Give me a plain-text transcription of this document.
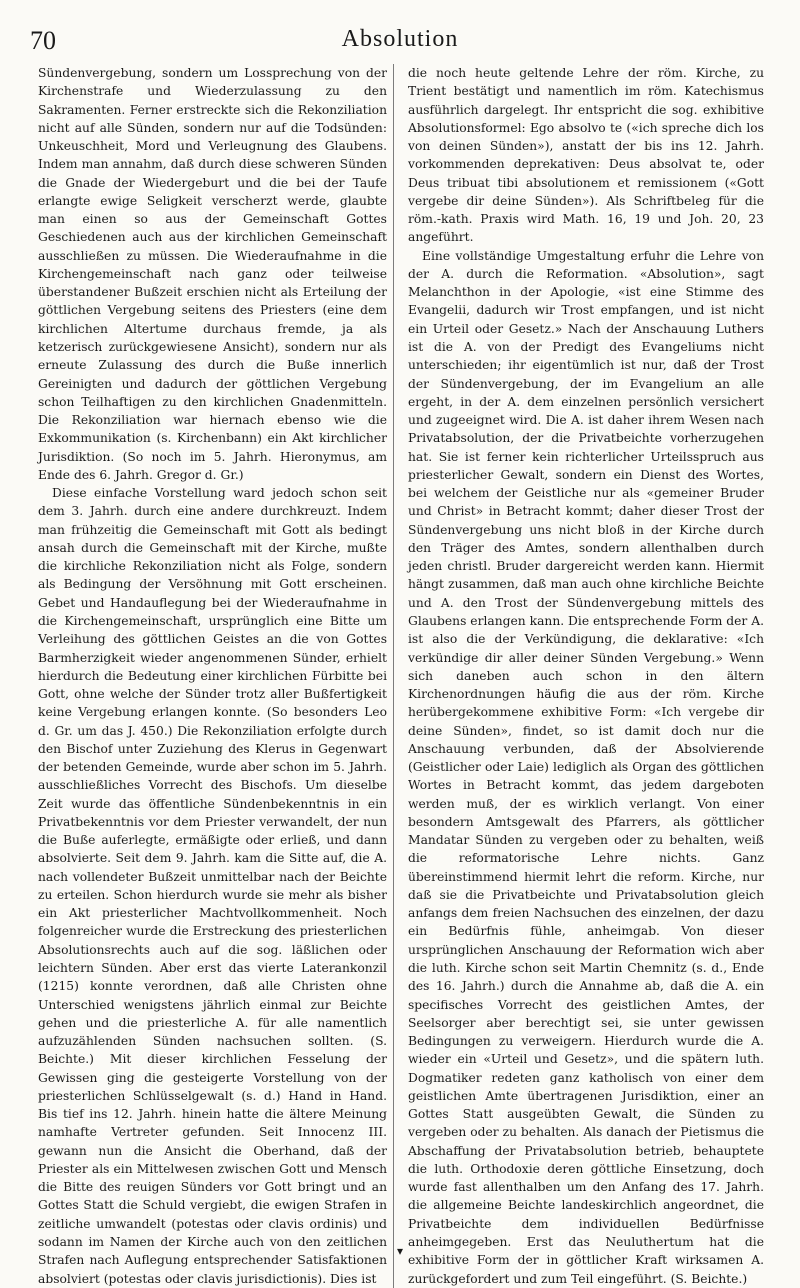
70	Absolution

Sündenvergebung, sondern um Lossprechung von der Kirchenstrafe und Wiederzulassung zu den Sakramenten. Ferner erstreckte sich die Rekonziliation nicht auf alle Sünden, sondern nur auf die Todsünden: Unkeuschheit, Mord und Verleugnung des Glaubens. Indem man annahm, daß durch diese schweren Sünden die Gnade der Wiedergeburt und die bei der Taufe erlangte ewige Seligkeit verscherzt werde, glaubte man einen so aus der Gemeinschaft Gottes Geschiedenen auch aus der kirchlichen Gemeinschaft ausschließen zu müssen. Die Wiederaufnahme in die Kirchengemeinschaft nach ganz oder teilweise überstandener Bußzeit erschien nicht als Erteilung der göttlichen Vergebung seitens des Priesters (eine dem kirchlichen Altertume durchaus fremde, ja als ketzerisch zurückgewiesene Ansicht), sondern nur als erneute Zulassung des durch die Buße innerlich Gereinigten und dadurch der göttlichen Vergebung schon Teilhaftigen zu den kirchlichen Gnadenmitteln. Die Rekonziliation war hiernach ebenso wie die Exkommunikation (s. Kirchenbann) ein Akt kirchlicher Jurisdiktion. (So noch im 5. Jahrh. Hieronymus, am Ende des 6. Jahrh. Gregor d. Gr.)

Diese einfache Vorstellung ward jedoch schon seit dem 3. Jahrh. durch eine andere durchkreuzt. Indem man frühzeitig die Gemeinschaft mit Gott als bedingt ansah durch die Gemeinschaft mit der Kirche, mußte die kirchliche Rekonziliation nicht als Folge, sondern als Bedingung der Versöhnung mit Gott erscheinen. Gebet und Handauflegung bei der Wiederaufnahme in die Kirchengemeinschaft, ursprünglich eine Bitte um Verleihung des göttlichen Geistes an die von Gottes Barmherzigkeit wieder angenommenen Sünder, erhielt hierdurch die Bedeutung einer kirchlichen Fürbitte bei Gott, ohne welche der Sünder trotz aller Bußfertigkeit keine Vergebung erlangen konnte. (So besonders Leo d. Gr. um das J. 450.) Die Rekonziliation erfolgte durch den Bischof unter Zuziehung des Klerus in Gegenwart der betenden Gemeinde, wurde aber schon im 5. Jahrh. ausschließliches Vorrecht des Bischofs. Um dieselbe Zeit wurde das öffentliche Sündenbekenntnis in ein Privatbekenntnis vor dem Priester verwandelt, der nun die Buße auferlegte, ermäßigte oder erließ, und dann absolvierte. Seit dem 9. Jahrh. kam die Sitte auf, die A. nach vollendeter Bußzeit unmittelbar nach der Beichte zu erteilen. Schon hierdurch wurde sie mehr als bisher ein Akt priesterlicher Machtvollkommenheit. Noch folgenreicher wurde die Erstreckung des priesterlichen Absolutionsrechts auch auf die sog. läßlichen oder leichtern Sünden. Aber erst das vierte Laterankonzil (1215) konnte verordnen, daß alle Christen ohne Unterschied wenigstens jährlich einmal zur Beichte gehen und die priesterliche A. für alle namentlich aufzuzählenden Sünden nachsuchen sollten. (S. Beichte.) Mit dieser kirchlichen Fesselung der Gewissen ging die gesteigerte Vorstellung von der priesterlichen Schlüsselgewalt (s. d.) Hand in Hand. Bis tief ins 12. Jahrh. hinein hatte die ältere Meinung namhafte Vertreter gefunden. Seit Innocenz III. gewann nun die Ansicht die Oberhand, daß der Priester als ein Mittelwesen zwischen Gott und Mensch die Bitte des reuigen Sünders vor Gott bringt und an Gottes Statt die Schuld vergiebt, die ewigen Strafen in zeitliche umwandelt (potestas oder clavis ordinis) und sodann im Namen der Kirche auch von den zeitlichen Strafen nach Auflegung entsprechender Satisfaktionen absolviert (potestas oder clavis jurisdictionis). Dies ist

die noch heute geltende Lehre der röm. Kirche, zu Trient bestätigt und namentlich im röm. Katechismus ausführlich dargelegt. Ihr entspricht die sog. exhibitive Absolutionsformel: Ego absolvo te («ich spreche dich los von deinen Sünden»), anstatt der bis ins 12. Jahrh. vorkommenden deprekativen: Deus absolvat te, oder Deus tribuat tibi absolutionem et remissionem («Gott vergebe dir deine Sünden»). Als Schriftbeleg für die röm.-kath. Praxis wird Math. 16, 19 und Joh. 20, 23 angeführt.

Eine vollständige Umgestaltung erfuhr die Lehre von der A. durch die Reformation. «Absolution», sagt Melanchthon in der Apologie, «ist eine Stimme des Evangelii, dadurch wir Trost empfangen, und ist nicht ein Urteil oder Gesetz.» Nach der Anschauung Luthers ist die A. von der Predigt des Evangeliums nicht unterschieden; ihr eigentümlich ist nur, daß der Trost der Sündenvergebung, der im Evangelium an alle ergeht, in der A. dem einzelnen persönlich versichert und zugeeignet wird. Die A. ist daher ihrem Wesen nach Privatabsolution, der die Privatbeichte vorherzugehen hat. Sie ist ferner kein richterlicher Urteilsspruch aus priesterlicher Gewalt, sondern ein Dienst des Wortes, bei welchem der Geistliche nur als «gemeiner Bruder und Christ» in Betracht kommt; daher dieser Trost der Sündenvergebung uns nicht bloß in der Kirche durch den Träger des Amtes, sondern allenthalben durch jeden christl. Bruder dargereicht werden kann. Hiermit hängt zusammen, daß man auch ohne kirchliche Beichte und A. den Trost der Sündenvergebung mittels des Glaubens erlangen kann. Die entsprechende Form der A. ist also die der Verkündigung, die deklarative: «Ich verkündige dir aller deiner Sünden Vergebung.» Wenn sich daneben auch schon in den ältern Kirchenordnungen häufig die aus der röm. Kirche herübergekommene exhibitive Form: «Ich vergebe dir deine Sünden», findet, so ist damit doch nur die Anschauung verbunden, daß der Absolvierende (Geistlicher oder Laie) lediglich als Organ des göttlichen Wortes in Betracht kommt, das jedem dargeboten werden muß, der es wirklich verlangt. Von einer besondern Amtsgewalt des Pfarrers, als göttlicher Mandatar Sünden zu vergeben oder zu behalten, weiß die reformatorische Lehre nichts. Ganz übereinstimmend hiermit lehrt die reform. Kirche, nur daß sie die Privatbeichte und Privatabsolution gleich anfangs dem freien Nachsuchen des einzelnen, der dazu ein Bedürfnis fühle, anheimgab. Von dieser ursprünglichen Anschauung der Reformation wich aber die luth. Kirche schon seit Martin Chemnitz (s. d., Ende des 16. Jahrh.) durch die Annahme ab, daß die A. ein specifisches Vorrecht des geistlichen Amtes, der Seelsorger aber berechtigt sei, sie unter gewissen Bedingungen zu verweigern. Hierdurch wurde die A. wieder ein «Urteil und Gesetz», und die spätern luth. Dogmatiker redeten ganz katholisch von einer dem geistlichen Amte übertragenen Jurisdiktion, einer an Gottes Statt ausgeübten Gewalt, die Sünden zu vergeben oder zu behalten. Als danach der Pietismus die Abschaffung der Privatabsolution betrieb, behauptete die luth. Orthodoxie deren göttliche Einsetzung, doch wurde fast allenthalben um den Anfang des 17. Jahrh. die allgemeine Beichte landeskirchlich angeordnet, die Privatbeichte dem individuellen Bedürfnisse anheimgegeben. Erst das Neuluthertum hat die exhibitive Form der in göttlicher Kraft wirksamen A. zurückgefordert und zum Teil eingeführt. (S. Beichte.)

▾
